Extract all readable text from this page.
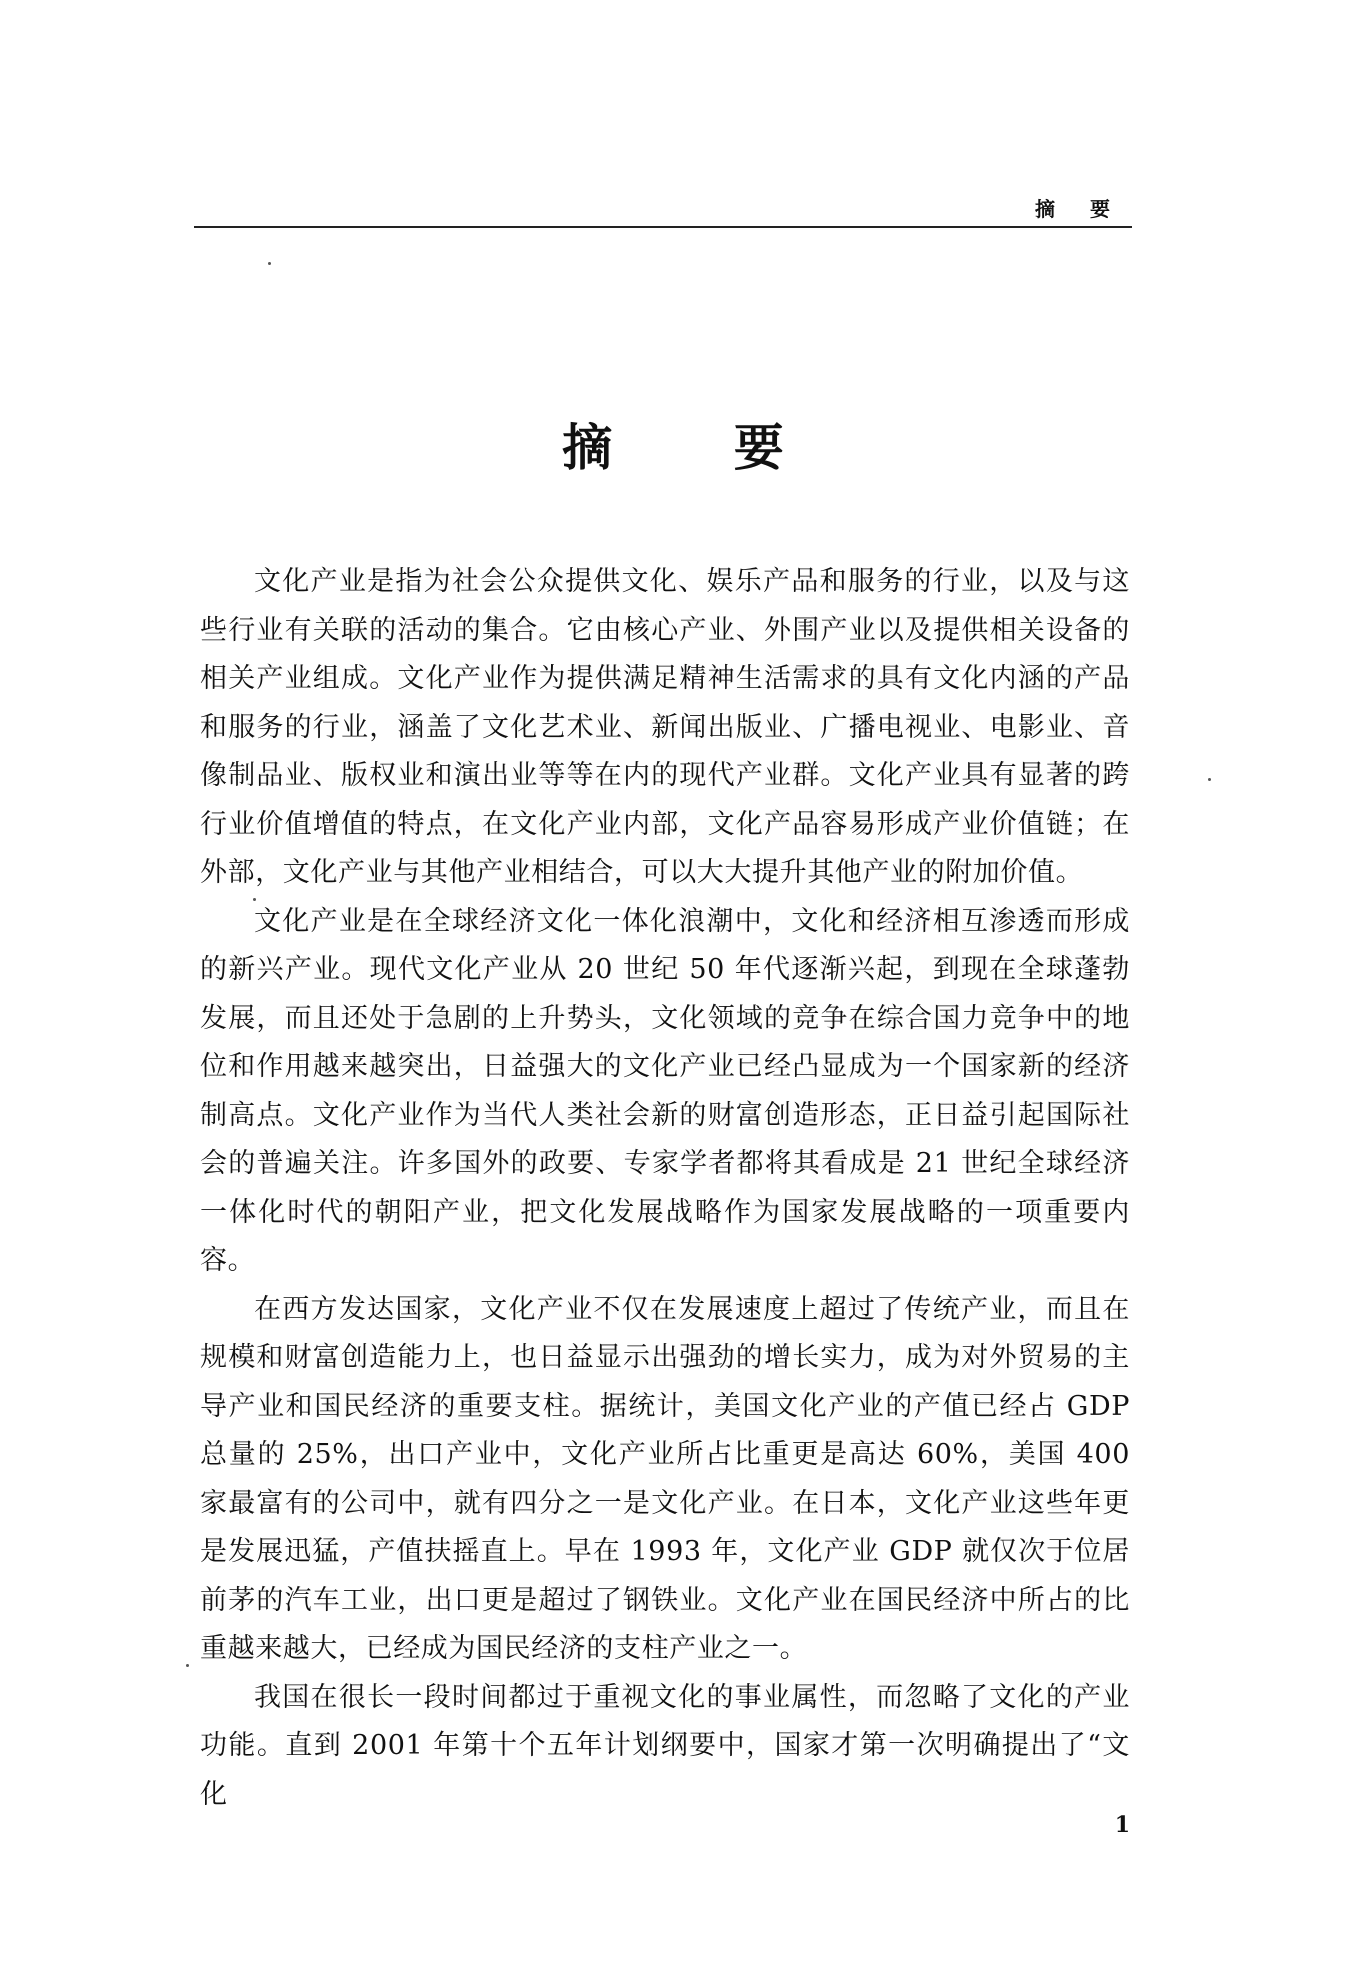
摘 要
摘 要

文化产业是指为社会公众提供文化、娱乐产品和服务的行业，以及与这些行业有关联的活动的集合。它由核心产业、外围产业以及提供相关设备的相关产业组成。文化产业作为提供满足精神生活需求的具有文化内涵的产品和服务的行业，涵盖了文化艺术业、新闻出版业、广播电视业、电影业、音像制品业、版权业和演出业等等在内的现代产业群。文化产业具有显著的跨行业价值增值的特点，在文化产业内部，文化产品容易形成产业价值链；在外部，文化产业与其他产业相结合，可以大大提升其他产业的附加价值。

文化产业是在全球经济文化一体化浪潮中，文化和经济相互渗透而形成的新兴产业。现代文化产业从 20 世纪 50 年代逐渐兴起，到现在全球蓬勃发展，而且还处于急剧的上升势头，文化领域的竞争在综合国力竞争中的地位和作用越来越突出，日益强大的文化产业已经凸显成为一个国家新的经济制高点。文化产业作为当代人类社会新的财富创造形态，正日益引起国际社会的普遍关注。许多国外的政要、专家学者都将其看成是 21 世纪全球经济一体化时代的朝阳产业，把文化发展战略作为国家发展战略的一项重要内容。

在西方发达国家，文化产业不仅在发展速度上超过了传统产业，而且在规模和财富创造能力上，也日益显示出强劲的增长实力，成为对外贸易的主导产业和国民经济的重要支柱。据统计，美国文化产业的产值已经占 GDP 总量的 25%，出口产业中，文化产业所占比重更是高达 60%，美国 400 家最富有的公司中，就有四分之一是文化产业。在日本，文化产业这些年更是发展迅猛，产值扶摇直上。早在 1993 年，文化产业 GDP 就仅次于位居前茅的汽车工业，出口更是超过了钢铁业。文化产业在国民经济中所占的比重越来越大，已经成为国民经济的支柱产业之一。

我国在很长一段时间都过于重视文化的事业属性，而忽略了文化的产业功能。直到 2001 年第十个五年计划纲要中，国家才第一次明确提出了“文化

1
